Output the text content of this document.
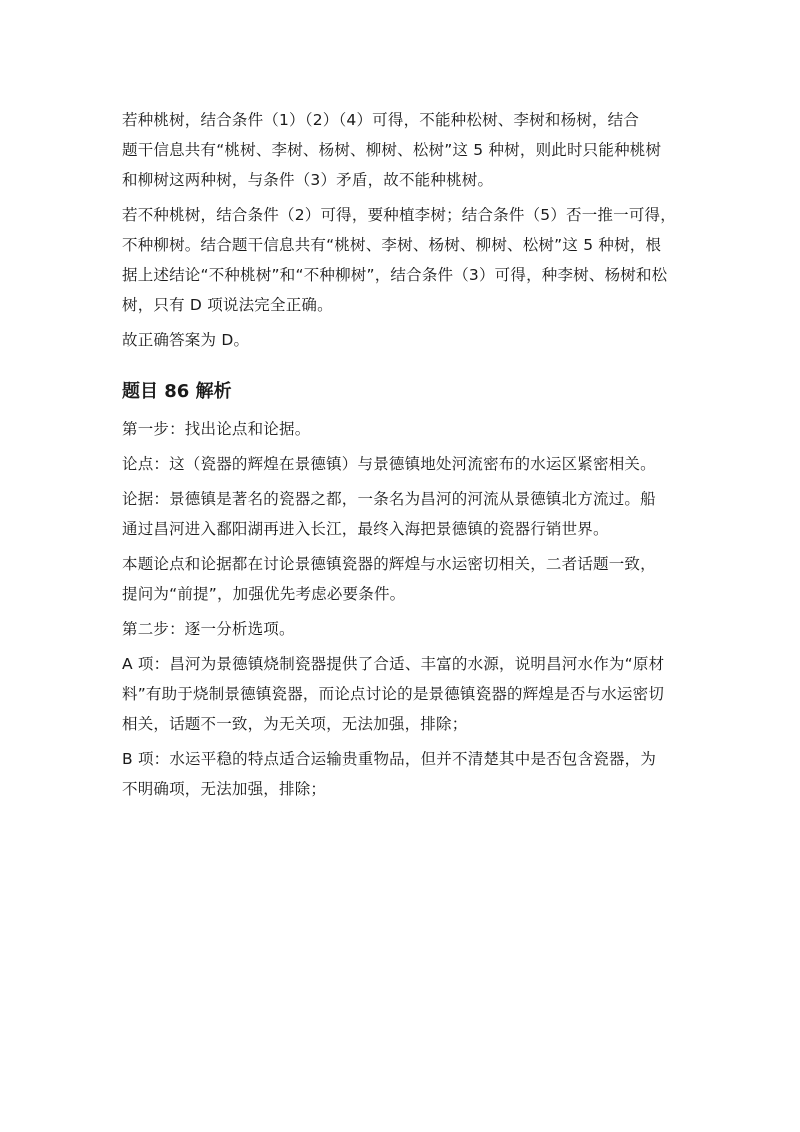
若种桃树，结合条件（1）（2）（4）可得，不能种松树、李树和杨树，结合
题干信息共有“桃树、李树、杨树、柳树、松树”这 5 种树，则此时只能种桃树
和柳树这两种树，与条件（3）矛盾，故不能种桃树。
若不种桃树，结合条件（2）可得，要种植李树；结合条件（5）否一推一可得，
不种柳树。结合题干信息共有“桃树、李树、杨树、柳树、松树”这 5 种树，根
据上述结论“不种桃树”和“不种柳树”，结合条件（3）可得，种李树、杨树和松
树，只有 D 项说法完全正确。
故正确答案为 D。
题目 86 解析
第一步：找出论点和论据。
论点：这（瓷器的辉煌在景德镇）与景德镇地处河流密布的水运区紧密相关。
论据：景德镇是著名的瓷器之都，一条名为昌河的河流从景德镇北方流过。船
通过昌河进入鄱阳湖再进入长江，最终入海把景德镇的瓷器行销世界。
本题论点和论据都在讨论景德镇瓷器的辉煌与水运密切相关，二者话题一致，
提问为“前提”，加强优先考虑必要条件。
第二步：逐一分析选项。
A 项：昌河为景德镇烧制瓷器提供了合适、丰富的水源，说明昌河水作为“原材
料”有助于烧制景德镇瓷器，而论点讨论的是景德镇瓷器的辉煌是否与水运密切
相关，话题不一致，为无关项，无法加强，排除；
B 项：水运平稳的特点适合运输贵重物品，但并不清楚其中是否包含瓷器，为
不明确项，无法加强，排除；
